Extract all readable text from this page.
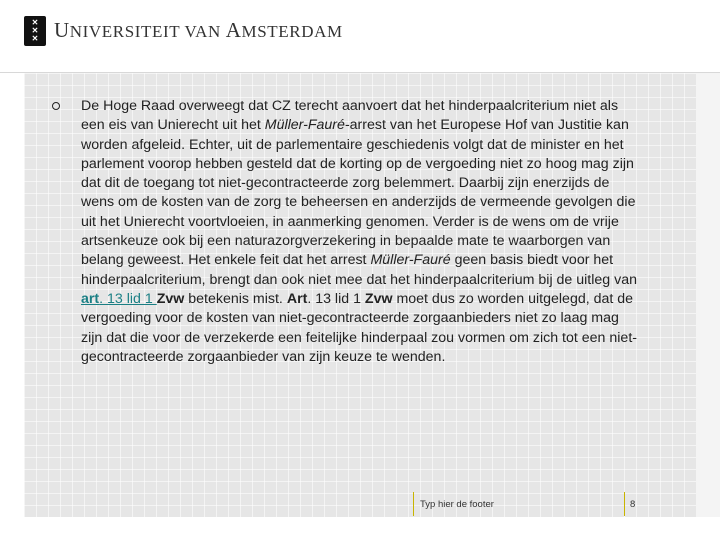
✕
✕
✕ UNIVERSITEIT VAN AMSTERDAM
De Hoge Raad overweegt dat CZ terecht aanvoert dat het hinderpaalcriterium niet als een eis van Unierecht uit het Müller-Fauré-arrest van het Europese Hof van Justitie kan worden afgeleid. Echter, uit de parlementaire geschiedenis volgt dat de minister en het parlement voorop hebben gesteld dat de korting op de vergoeding niet zo hoog mag zijn dat dit de toegang tot niet-gecontracteerde zorg belemmert. Daarbij zijn enerzijds de wens om de kosten van de zorg te beheersen en anderzijds de vermeende gevolgen die uit het Unierecht voortvloeien, in aanmerking genomen. Verder is de wens om de vrije artsenkeuze ook bij een naturazorgverzekering in bepaalde mate te waarborgen van belang geweest. Het enkele feit dat het arrest Müller-Fauré geen basis biedt voor het hinderpaalcriterium, brengt dan ook niet mee dat het hinderpaalcriterium bij de uitleg van art. 13 lid 1 Zvw betekenis mist. Art. 13 lid 1 Zvw moet dus zo worden uitgelegd, dat de vergoeding voor de kosten van niet-gecontracteerde zorgaanbieders niet zo laag mag zijn dat die voor de verzekerde een feitelijke hinderpaal zou vormen om zich tot een niet-gecontracteerde zorgaanbieder van zijn keuze te wenden.
Typ hier de footer	8
